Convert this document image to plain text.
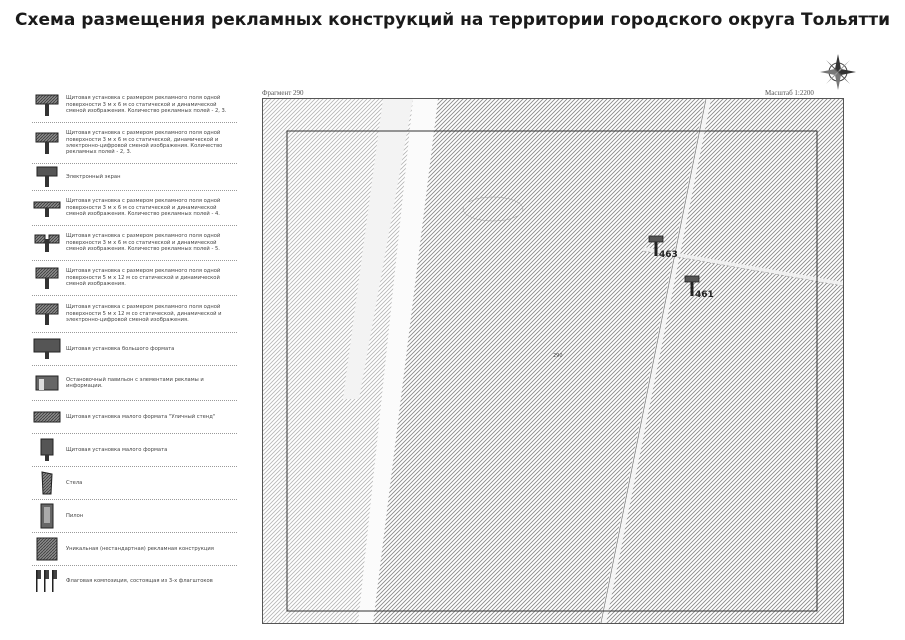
Схема размещения рекламных конструкций на территории городского округа Тольятти
Щитовая установка с размером рекламного поля одной поверхности 3 м х 6 м со статической и динамической сменой изображения. Количество рекламных полей - 2, 3.
Щитовая установка с размером рекламного поля одной поверхности 3 м х 6 м со статической, динамической и электронно-цифровой сменой изображения. Количество рекламных полей - 2, 3.
Электронный экран
Щитовая установка с размером рекламного поля одной поверхности 3 м х 6 м со статической и динамической сменой изображения. Количество рекламных полей - 4.
Щитовая установка с размером рекламного поля одной поверхности 3 м х 6 м со статической и динамической сменой изображения. Количество рекламных полей - 5.
Щитовая установка с размером рекламного поля одной поверхности 5 м х 12 м со статической и динамической сменой изображения.
Щитовая установка с размером рекламного поля одной поверхности 5 м х 12 м со статической, динамической и электронно-цифровой сменой изображения.
Щитовая установка большого формата
Остановочный павильон с элементами рекламы и информации.
Щитовая установка малого формата "Уличный стенд"
Щитовая установка малого формата
Стела
Пилон
Уникальная (нестандартная) рекламная конструкция
Флаговая композиция, состоящая из 3-х флагштоков
Фрагмент 290	Масштаб 1:2200
463
461
290
